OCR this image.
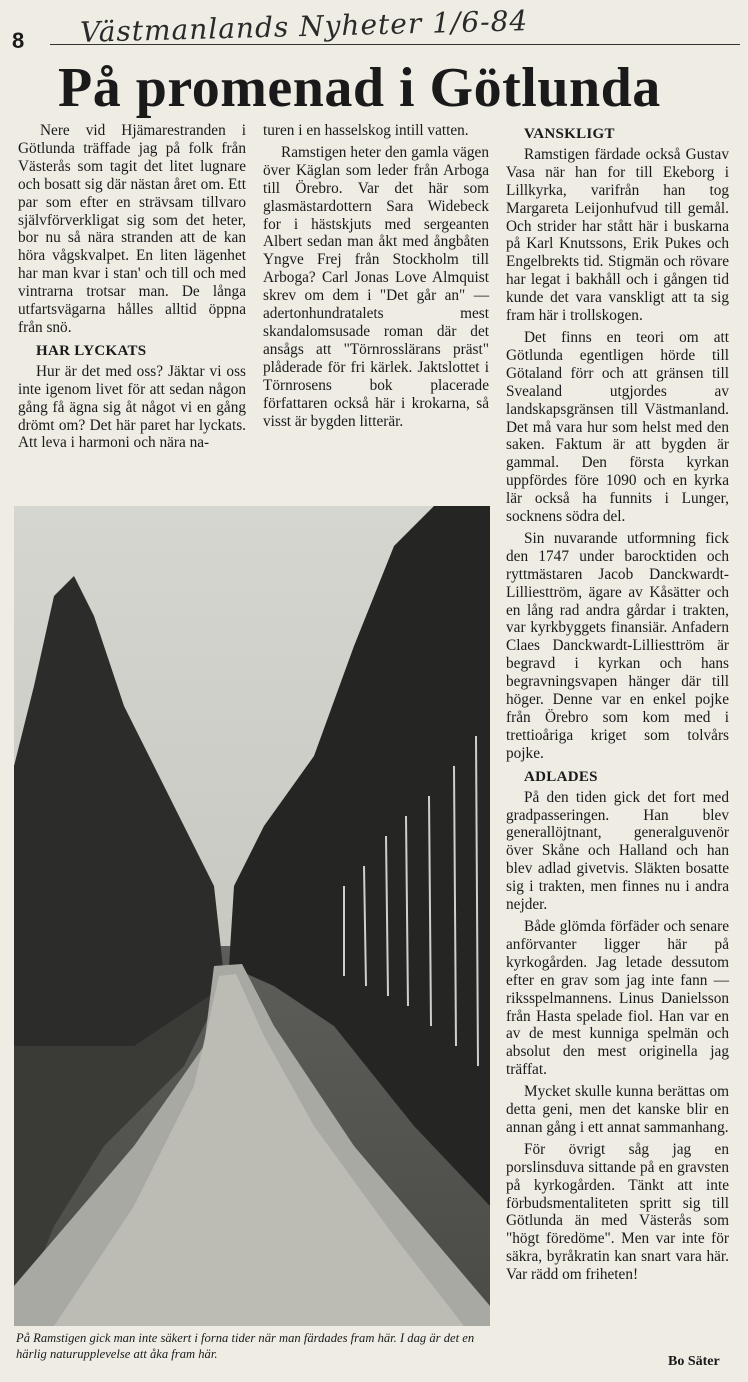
8 Västmanlands Nyheter 1/6-84
På promenad i Götlunda

Nere vid Hjämarestranden i Götlunda träffade jag på folk från Västerås som tagit det litet lugnare och bosatt sig där nästan året om. Ett par som efter en strävsam tillvaro självförverkligat sig som det heter, bor nu så nära stranden att de kan höra vågskvalpet. En liten lägenhet har man kvar i stan' och till och med vintrarna trotsar man. De långa utfartsvägarna hålles alltid öppna från snö.

HAR LYCKATS

Hur är det med oss? Jäktar vi oss inte igenom livet för att sedan någon gång få ägna sig åt något vi en gång drömt om? Det här paret har lyckats. Att leva i harmoni och nära na-

turen i en hasselskog intill vatten.

Ramstigen heter den gamla vägen över Käglan som leder från Arboga till Örebro. Var det här som glasmästardottern Sara Widebeck for i hästskjuts med sergeanten Albert sedan man åkt med ångbåten Yngve Frej från Stockholm till Arboga? Carl Jonas Love Almquist skrev om dem i "Det går an" — adertonhundratalets mest skandalomsusade roman där det ansågs att "Törnrosslärans präst" plåderade för fri kärlek. Jaktslottet i Törnrosens bok placerade författaren också här i krokarna, så visst är bygden litterär.

VANSKLIGT

Ramstigen färdade också Gustav Vasa när han for till Ekeborg i Lillkyrka, varifrån han tog Margareta Leijonhufvud till gemål. Och strider har stått här i buskarna på Karl Knutssons, Erik Pukes och Engelbrekts tid. Stigmän och rövare har legat i bakhåll och i gången tid kunde det vara vanskligt att ta sig fram här i trollskogen.

Det finns en teori om att Götlunda egentligen hörde till Götaland förr och att gränsen till Svealand utgjordes av landskapsgränsen till Västmanland. Det må vara hur som helst med den saken. Faktum är att bygden är gammal. Den första kyrkan uppfördes före 1090 och en kyrka lär också ha funnits i Lunger, socknens södra del.

Sin nuvarande utformning fick den 1747 under barocktiden och ryttmästaren Jacob Danckwardt-Lilliesttröm, ägare av Kåsätter och en lång rad andra gårdar i trakten, var kyrkbyggets finansiär. Anfadern Claes Danckwardt-Lilliesttröm är begravd i kyrkan och hans begravningsvapen hänger där till höger. Denne var en enkel pojke från Örebro som kom med i trettioåriga kriget som tolvårs pojke.

ADLADES

På den tiden gick det fort med gradpasseringen. Han blev generallöjtnant, generalguvenör över Skåne och Halland och han blev adlad givetvis. Släkten bosatte sig i trakten, men finnes nu i andra nejder.

Både glömda förfäder och senare anförvanter ligger här på kyrkogården. Jag letade dessutom efter en grav som jag inte fann — riksspelmannens. Linus Danielsson från Hasta spelade fiol. Han var en av de mest kunniga spelmän och absolut den mest originella jag träffat.

Mycket skulle kunna berättas om detta geni, men det kanske blir en annan gång i ett annat sammanhang.

För övrigt såg jag en porslinsduva sittande på en gravsten på kyrkogården. Tänkt att inte förbudsmentaliteten spritt sig till Götlunda än med Västerås som "högt föredöme". Men var inte för säkra, byråkratin kan snart vara här. Var rädd om friheten!

På Ramstigen gick man inte säkert i forna tider när man färdades fram här. I dag är det en härlig naturupplevelse att åka fram här.	Bo Säter
